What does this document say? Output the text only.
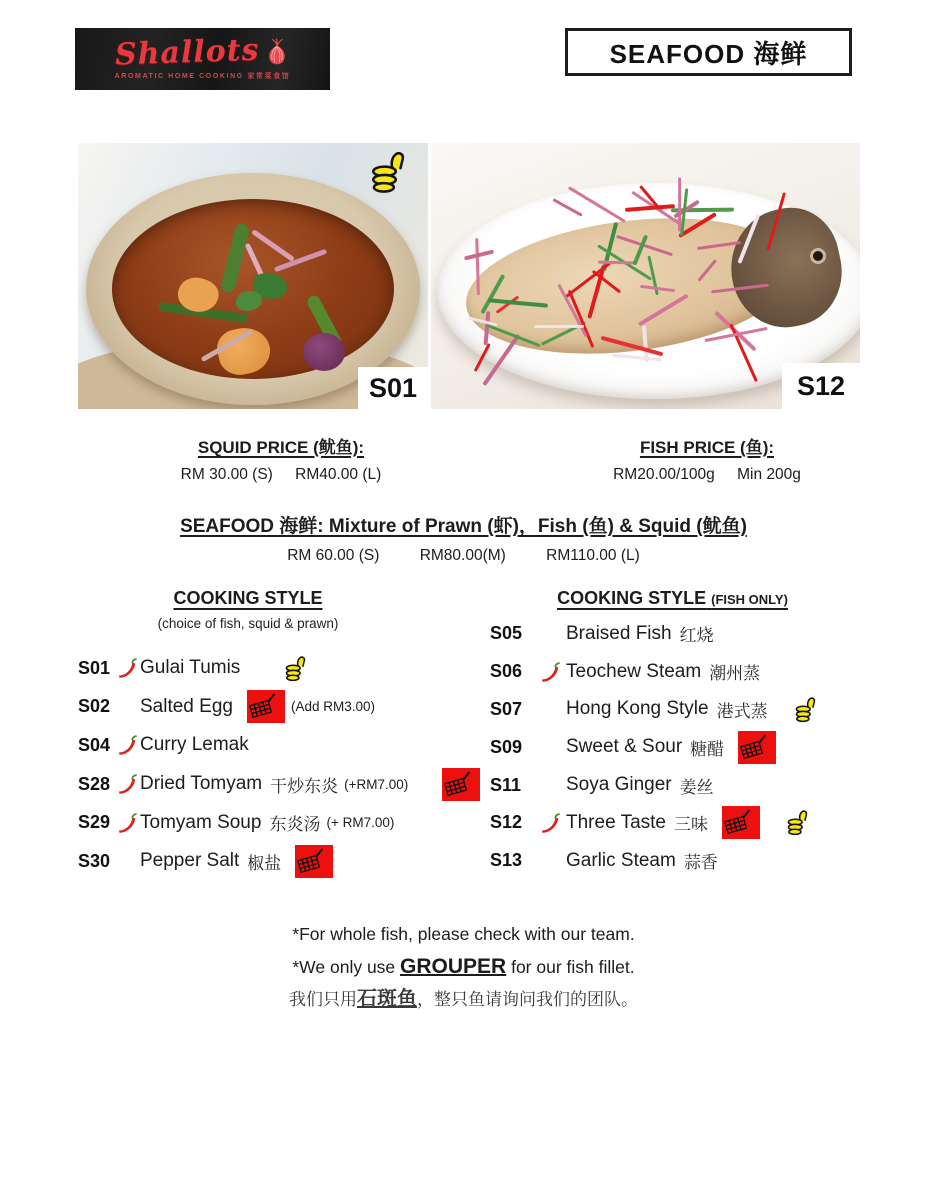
Shallots
AROMATIC HOME COOKING 家常菜食馆
SEAFOOD 海鲜
S01	S12
SQUID PRICE (鱿鱼):
RM 30.00 (S) RM40.00 (L)
FISH PRICE (鱼):
RM20.00/100g Min 200g
SEAFOOD 海鲜: Mixture of Prawn (虾)，Fish (鱼) & Squid (鱿鱼)
RM 60.00 (S)	RM80.00(M)	RM110.00 (L)
COOKING STYLE
(choice of fish, squid & prawn)
COOKING STYLE (FISH ONLY)
S01	Gulai Tumis
S02	Salted Egg	(Add RM3.00)
S04	Curry Lemak
S28	Dried Tomyam 干炒东炎 (+RM7.00)
S29	Tomyam Soup 东炎汤 (+ RM7.00)
S30	Pepper Salt 椒盐
S05	Braised Fish 红烧
S06	Teochew Steam 潮州蒸
S07	Hong Kong Style 港式蒸
S09	Sweet & Sour 糖醋
S11	Soya Ginger 姜丝
S12	Three Taste 三味
S13	Garlic Steam 蒜香
*For whole fish, please check with our team.
*We only use GROUPER for our fish fillet.
我们只用石斑鱼，整只鱼请询问我们的团队。
